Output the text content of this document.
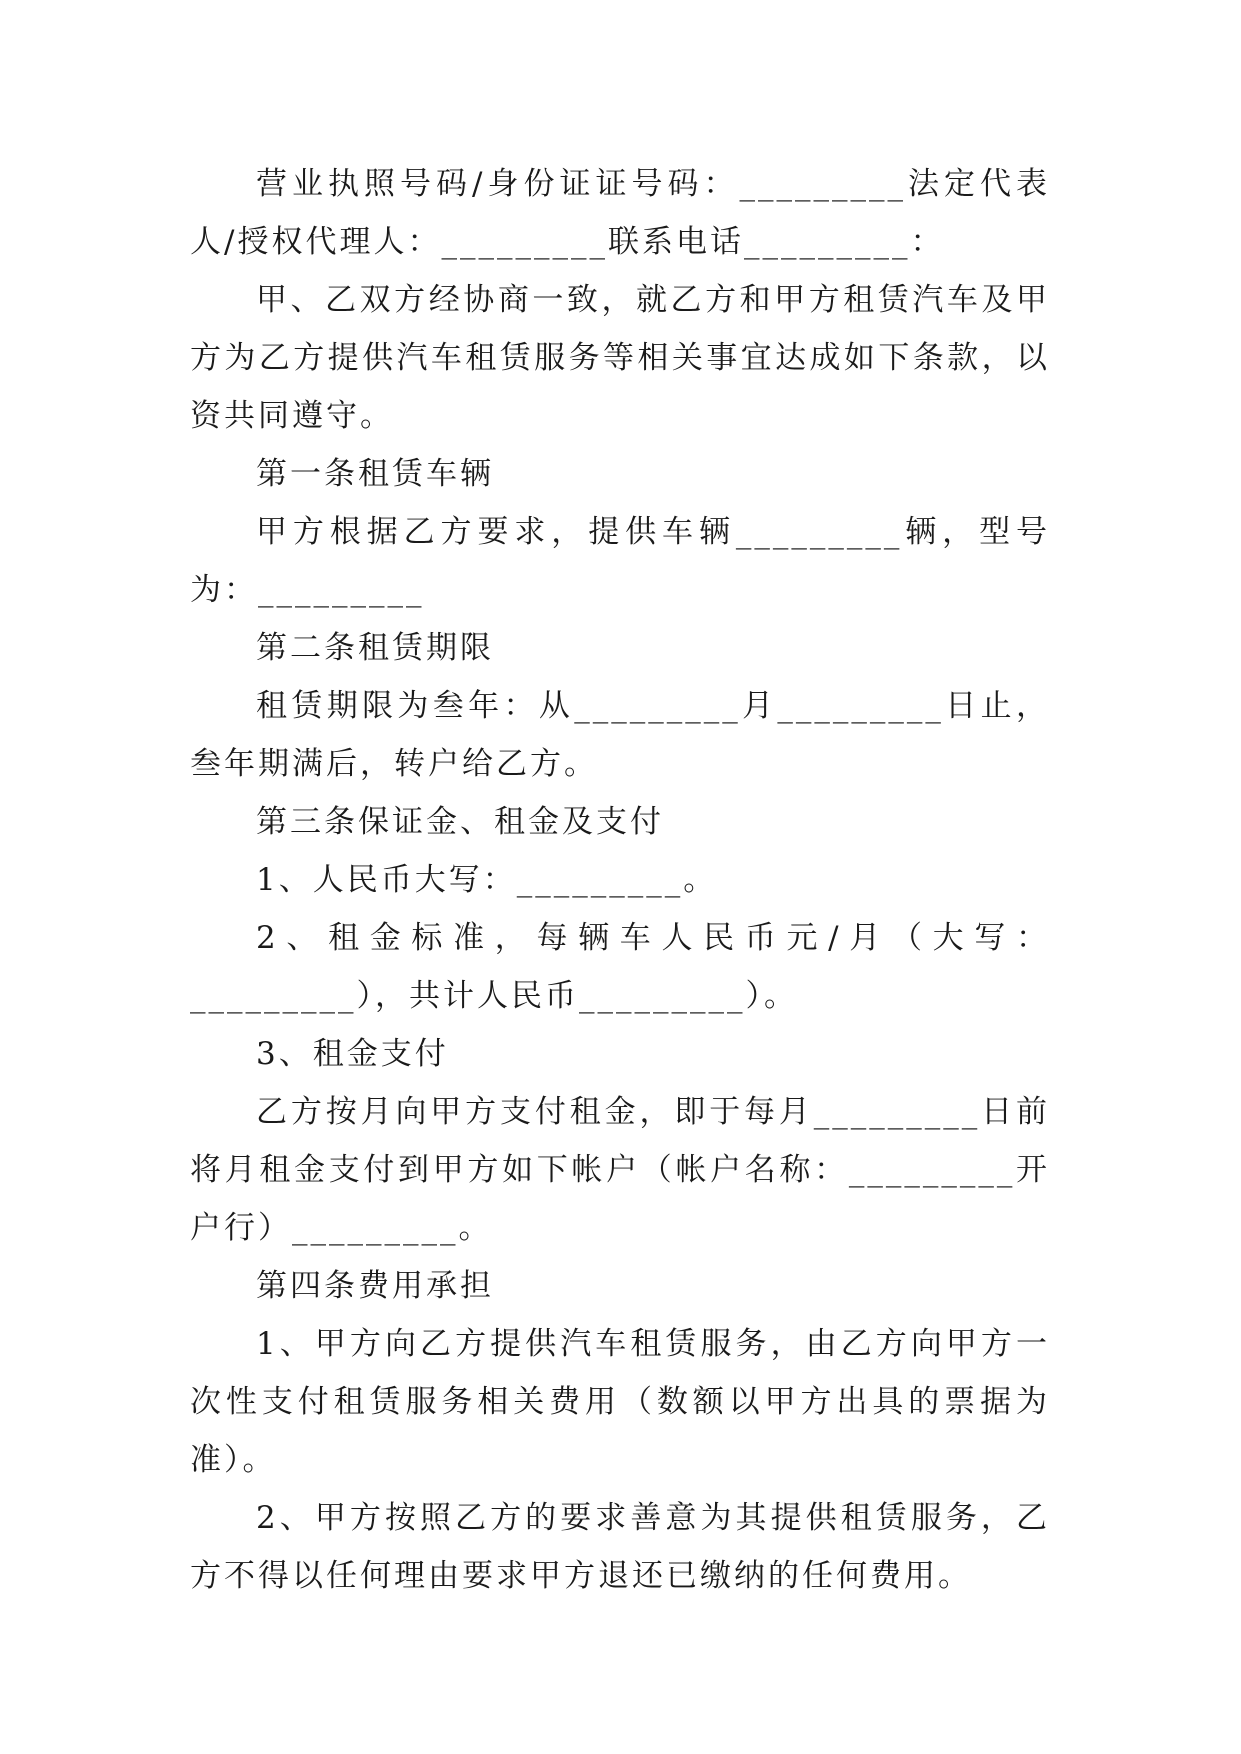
营业执照号码/身份证证号码：_________法定代表人/授权代理人：_________联系电话_________：

甲、乙双方经协商一致，就乙方和甲方租赁汽车及甲方为乙方提供汽车租赁服务等相关事宜达成如下条款，以资共同遵守。

第一条租赁车辆

甲方根据乙方要求，提供车辆_________辆，型号为：_________

第二条租赁期限

租赁期限为叁年：从_________月_________日止，叁年期满后，转户给乙方。

第三条保证金、租金及支付

1、人民币大写：_________。

2、租金标准，每辆车人民币元/月（大写：_________），共计人民币_________）。

3、租金支付

乙方按月向甲方支付租金，即于每月_________日前将月租金支付到甲方如下帐户（帐户名称：_________开户行）_________。

第四条费用承担

1、甲方向乙方提供汽车租赁服务，由乙方向甲方一次性支付租赁服务相关费用（数额以甲方出具的票据为准）。

2、甲方按照乙方的要求善意为其提供租赁服务，乙方不得以任何理由要求甲方退还已缴纳的任何费用。
